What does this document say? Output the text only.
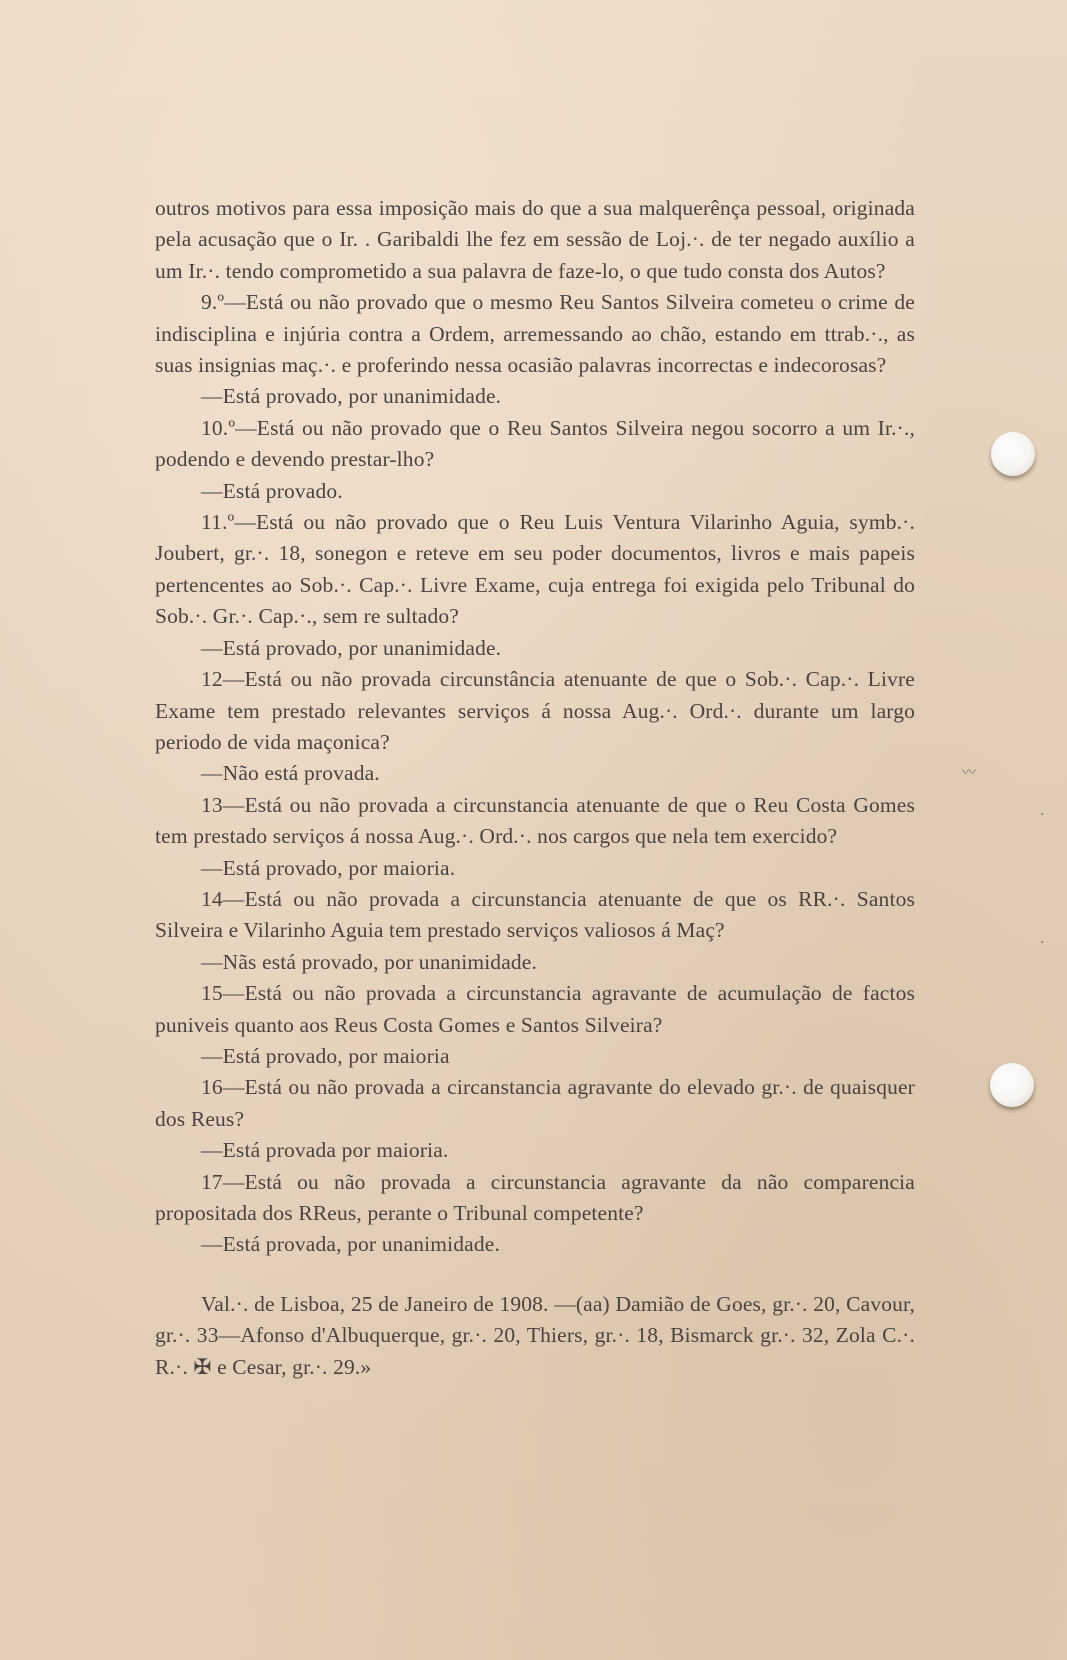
outros motivos para essa imposição mais do que a sua malquerênça pessoal, originada pela acusação que o Ir. . Garibaldi lhe fez em sessão de Loj.·. de ter negado auxílio a um Ir.·. tendo comprometido a sua palavra de faze-lo, o que tudo consta dos Autos?

9.º—Está ou não provado que o mesmo Reu Santos Silveira cometeu o crime de indisciplina e injúria contra a Ordem, arremessando ao chão, estando em ttrab.·., as suas insignias maç.·. e proferindo nessa ocasião palavras incorrectas e indecorosas?

—Está provado, por unanimidade.

10.º—Está ou não provado que o Reu Santos Silveira negou socorro a um Ir.·., podendo e devendo prestar-lho?

—Está provado.

11.º—Está ou não provado que o Reu Luis Ventura Vilarinho Aguia, symb.·. Joubert, gr.·. 18, sonegon e reteve em seu poder documentos, livros e mais papeis pertencentes ao Sob.·. Cap.·. Livre Exame, cuja entrega foi exigida pelo Tribunal do Sob.·. Gr.·. Cap.·., sem re sultado?

—Está provado, por unanimidade.

12—Está ou não provada circunstância atenuante de que o Sob.·. Cap.·. Livre Exame tem prestado relevantes serviços á nossa Aug.·. Ord.·. durante um largo periodo de vida maçonica?

—Não está provada.

13—Está ou não provada a circunstancia atenuante de que o Reu Costa Gomes tem prestado serviços á nossa Aug.·. Ord.·. nos cargos que nela tem exercido?

—Está provado, por maioria.

14—Está ou não provada a circunstancia atenuante de que os RR.·. Santos Silveira e Vilarinho Aguia tem prestado serviços valiosos á Maç?

—Nãs está provado, por unanimidade.

15—Está ou não provada a circunstancia agravante de acumulação de factos puniveis quanto aos Reus Costa Gomes e Santos Silveira?

—Está provado, por maioria

16—Está ou não provada a circanstancia agravante do elevado gr.·. de quaisquer dos Reus?

—Está provada por maioria.

17—Está ou não provada a circunstancia agravante da não comparencia propositada dos RReus, perante o Tribunal competente?

—Está provada, por unanimidade.

Val.·. de Lisboa, 25 de Janeiro de 1908. —(aa) Damião de Goes, gr.·. 20, Cavour, gr.·. 33—Afonso d'Albuquerque, gr.·. 20, Thiers, gr.·. 18, Bismarck gr.·. 32, Zola C.·. R.·. ✠ e Cesar, gr.·. 29.»

〰
·
·
